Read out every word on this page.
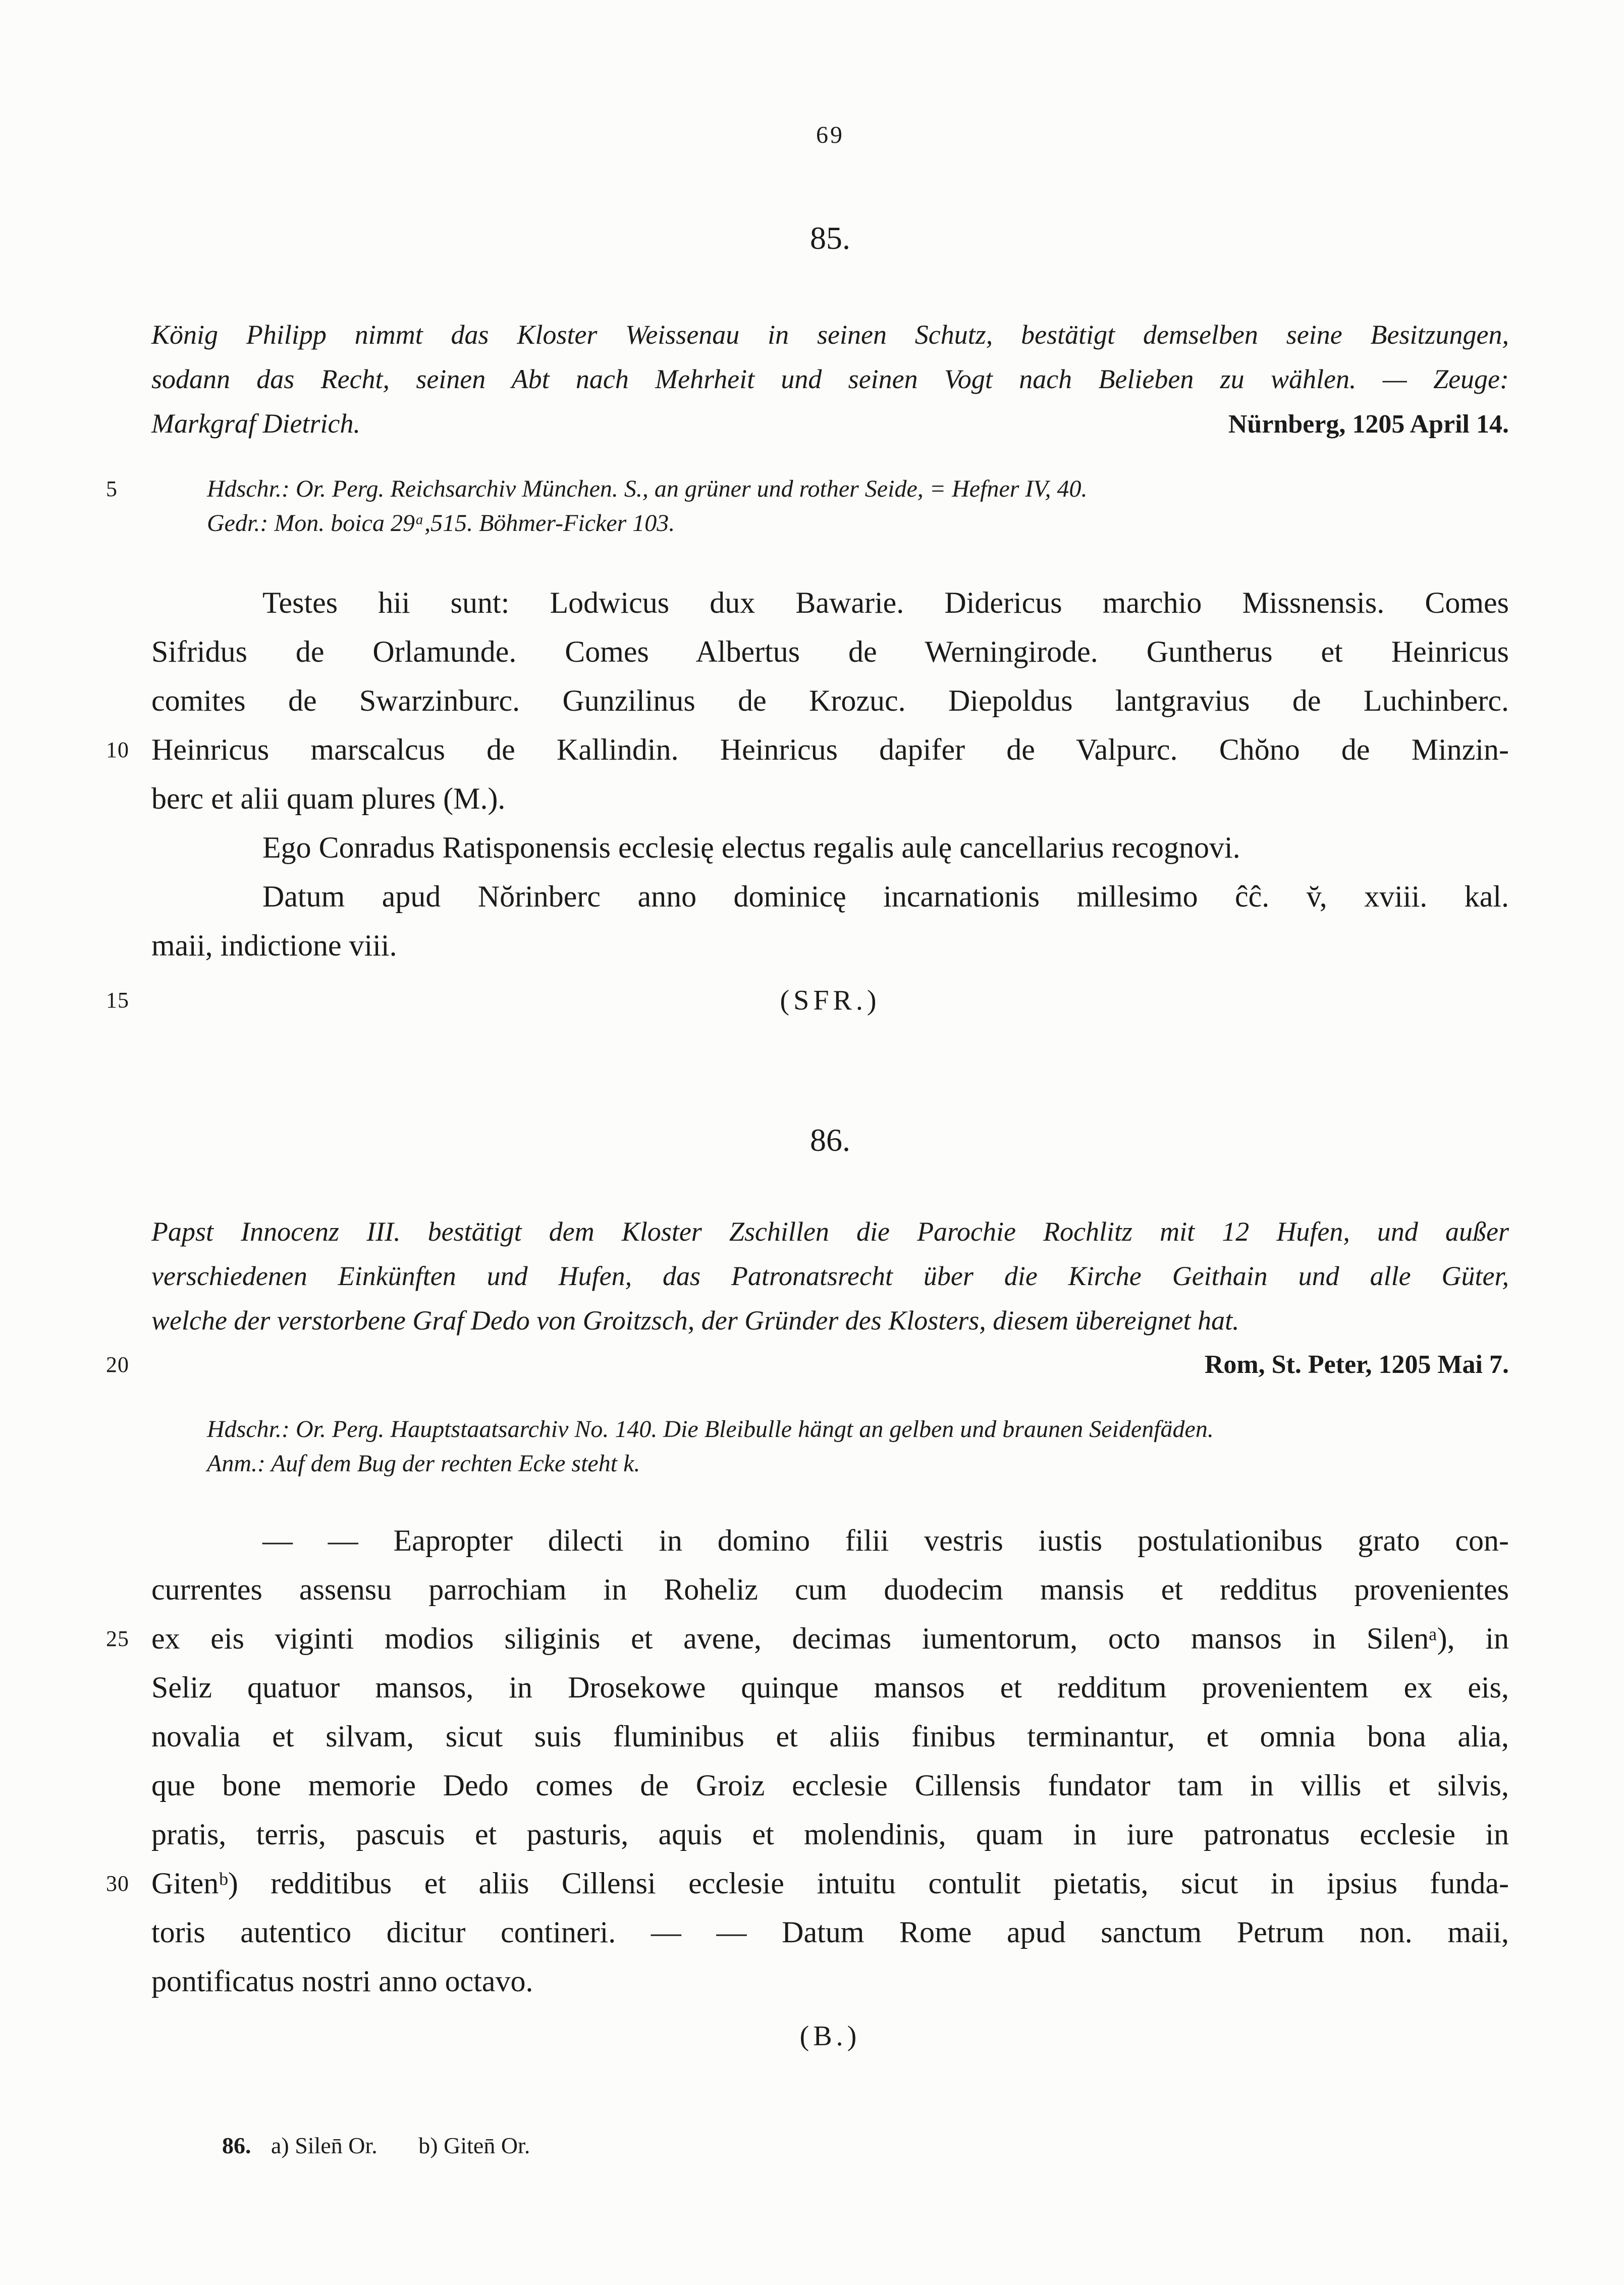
69
85.
König Philipp nimmt das Kloster Weissenau in seinen Schutz, bestätigt demselben seine Besitzungen,
sodann das Recht, seinen Abt nach Mehrheit und seinen Vogt nach Belieben zu wählen. — Zeuge:
Markgraf Dietrich.	Nürnberg, 1205 April 14.
5	Hdschr.: Or. Perg. Reichsarchiv München. S., an grüner und rother Seide, = Hefner IV, 40.
Gedr.: Mon. boica 29ᵃ,515. Böhmer-Ficker 103.
Testes hii sunt: Lodwicus dux Bawarie. Didericus marchio Missnensis. Comes
Sifridus de Orlamunde. Comes Albertus de Werningirode. Guntherus et Heinricus
comites de Swarzinburc. Gunzilinus de Krozuc. Diepoldus lantgravius de Luchinberc.
10 Heinricus marscalcus de Kallindin. Heinricus dapifer de Valpurc. Chŏno de Minzin-
berc et alii quam plures (M.).
Ego Conradus Ratisponensis ecclesię electus regalis aulę cancellarius recognovi.
Datum apud Nŏrinberc anno dominicę incarnationis millesimo ĉĉ. v̆, xviii. kal.
maii, indictione viii.
15	(SFR.)
86.
Papst Innocenz III. bestätigt dem Kloster Zschillen die Parochie Rochlitz mit 12 Hufen, und außer
verschiedenen Einkünften und Hufen, das Patronatsrecht über die Kirche Geithain und alle Güter,
welche der verstorbene Graf Dedo von Groitzsch, der Gründer des Klosters, diesem übereignet hat.
20	Rom, St. Peter, 1205 Mai 7.
Hdschr.: Or. Perg. Hauptstaatsarchiv No. 140. Die Bleibulle hängt an gelben und braunen Seidenfäden.
Anm.: Auf dem Bug der rechten Ecke steht k.
— — Eapropter dilecti in domino filii vestris iustis postulationibus grato con-
currentes assensu parrochiam in Roheliz cum duodecim mansis et redditus provenientes
25 ex eis viginti modios siliginis et avene, decimas iumentorum, octo mansos in Silenᵃ), in
Seliz quatuor mansos, in Drosekowe quinque mansos et redditum provenientem ex eis,
novalia et silvam, sicut suis fluminibus et aliis finibus terminantur, et omnia bona alia,
que bone memorie Dedo comes de Groiz ecclesie Cillensis fundator tam in villis et silvis,
pratis, terris, pascuis et pasturis, aquis et molendinis, quam in iure patronatus ecclesie in
30 Gitenᵇ) redditibus et aliis Cillensi ecclesie intuitu contulit pietatis, sicut in ipsius funda-
toris autentico dicitur contineri. — — Datum Rome apud sanctum Petrum non. maii,
pontificatus nostri anno octavo.
(B.)
86. a) Silen̄ Or. b) Giten̄ Or.
